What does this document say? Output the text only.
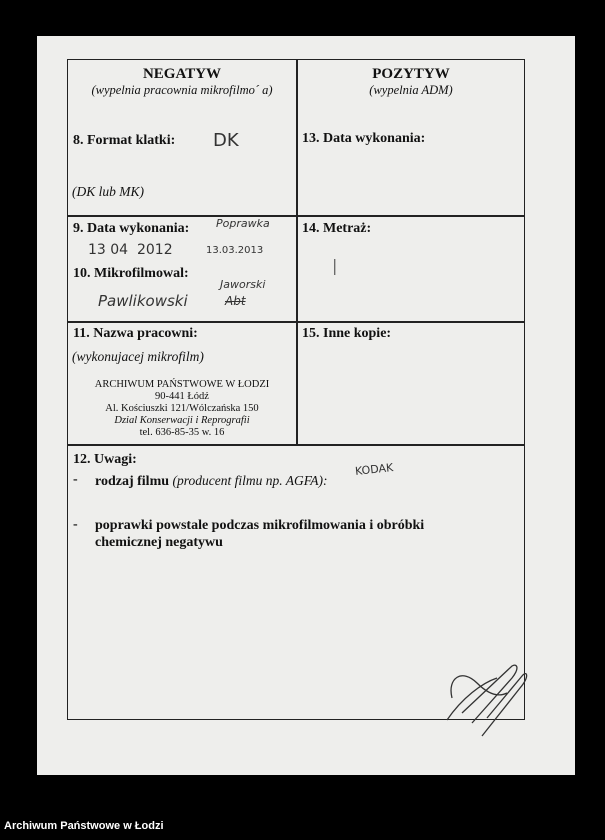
NEGATYW
(wypelnia pracownia mikrofilmo´ a)
8. Format klatki: DK
(DK lub MK)
POZYTYW
(wypelnia ADM)
13. Data wykonania:
9. Data wykonania: Poprawka
13 04  2012	13.03.2013
10. Mikrofilmowal:
Pawlikowski
Jaworski
Abt
14. Metraż:
|
11. Nazwa pracowni:
(wykonujacej mikrofilm)
ARCHIWUM PAŃSTWOWE W ŁODZI
90-441 Łódź
Al. Kościuszki 121/Wólczańska 150
Dzial Konserwacji i Reprografii
tel. 636-85-35 w. 16
15. Inne kopie:
12. Uwagi:
- rodzaj filmu (producent filmu np. AGFA):
KODAK
- poprawki powstale podczas mikrofilmowania i obróbki
chemicznej negatywu
Archiwum Państwowe w Łodzi
